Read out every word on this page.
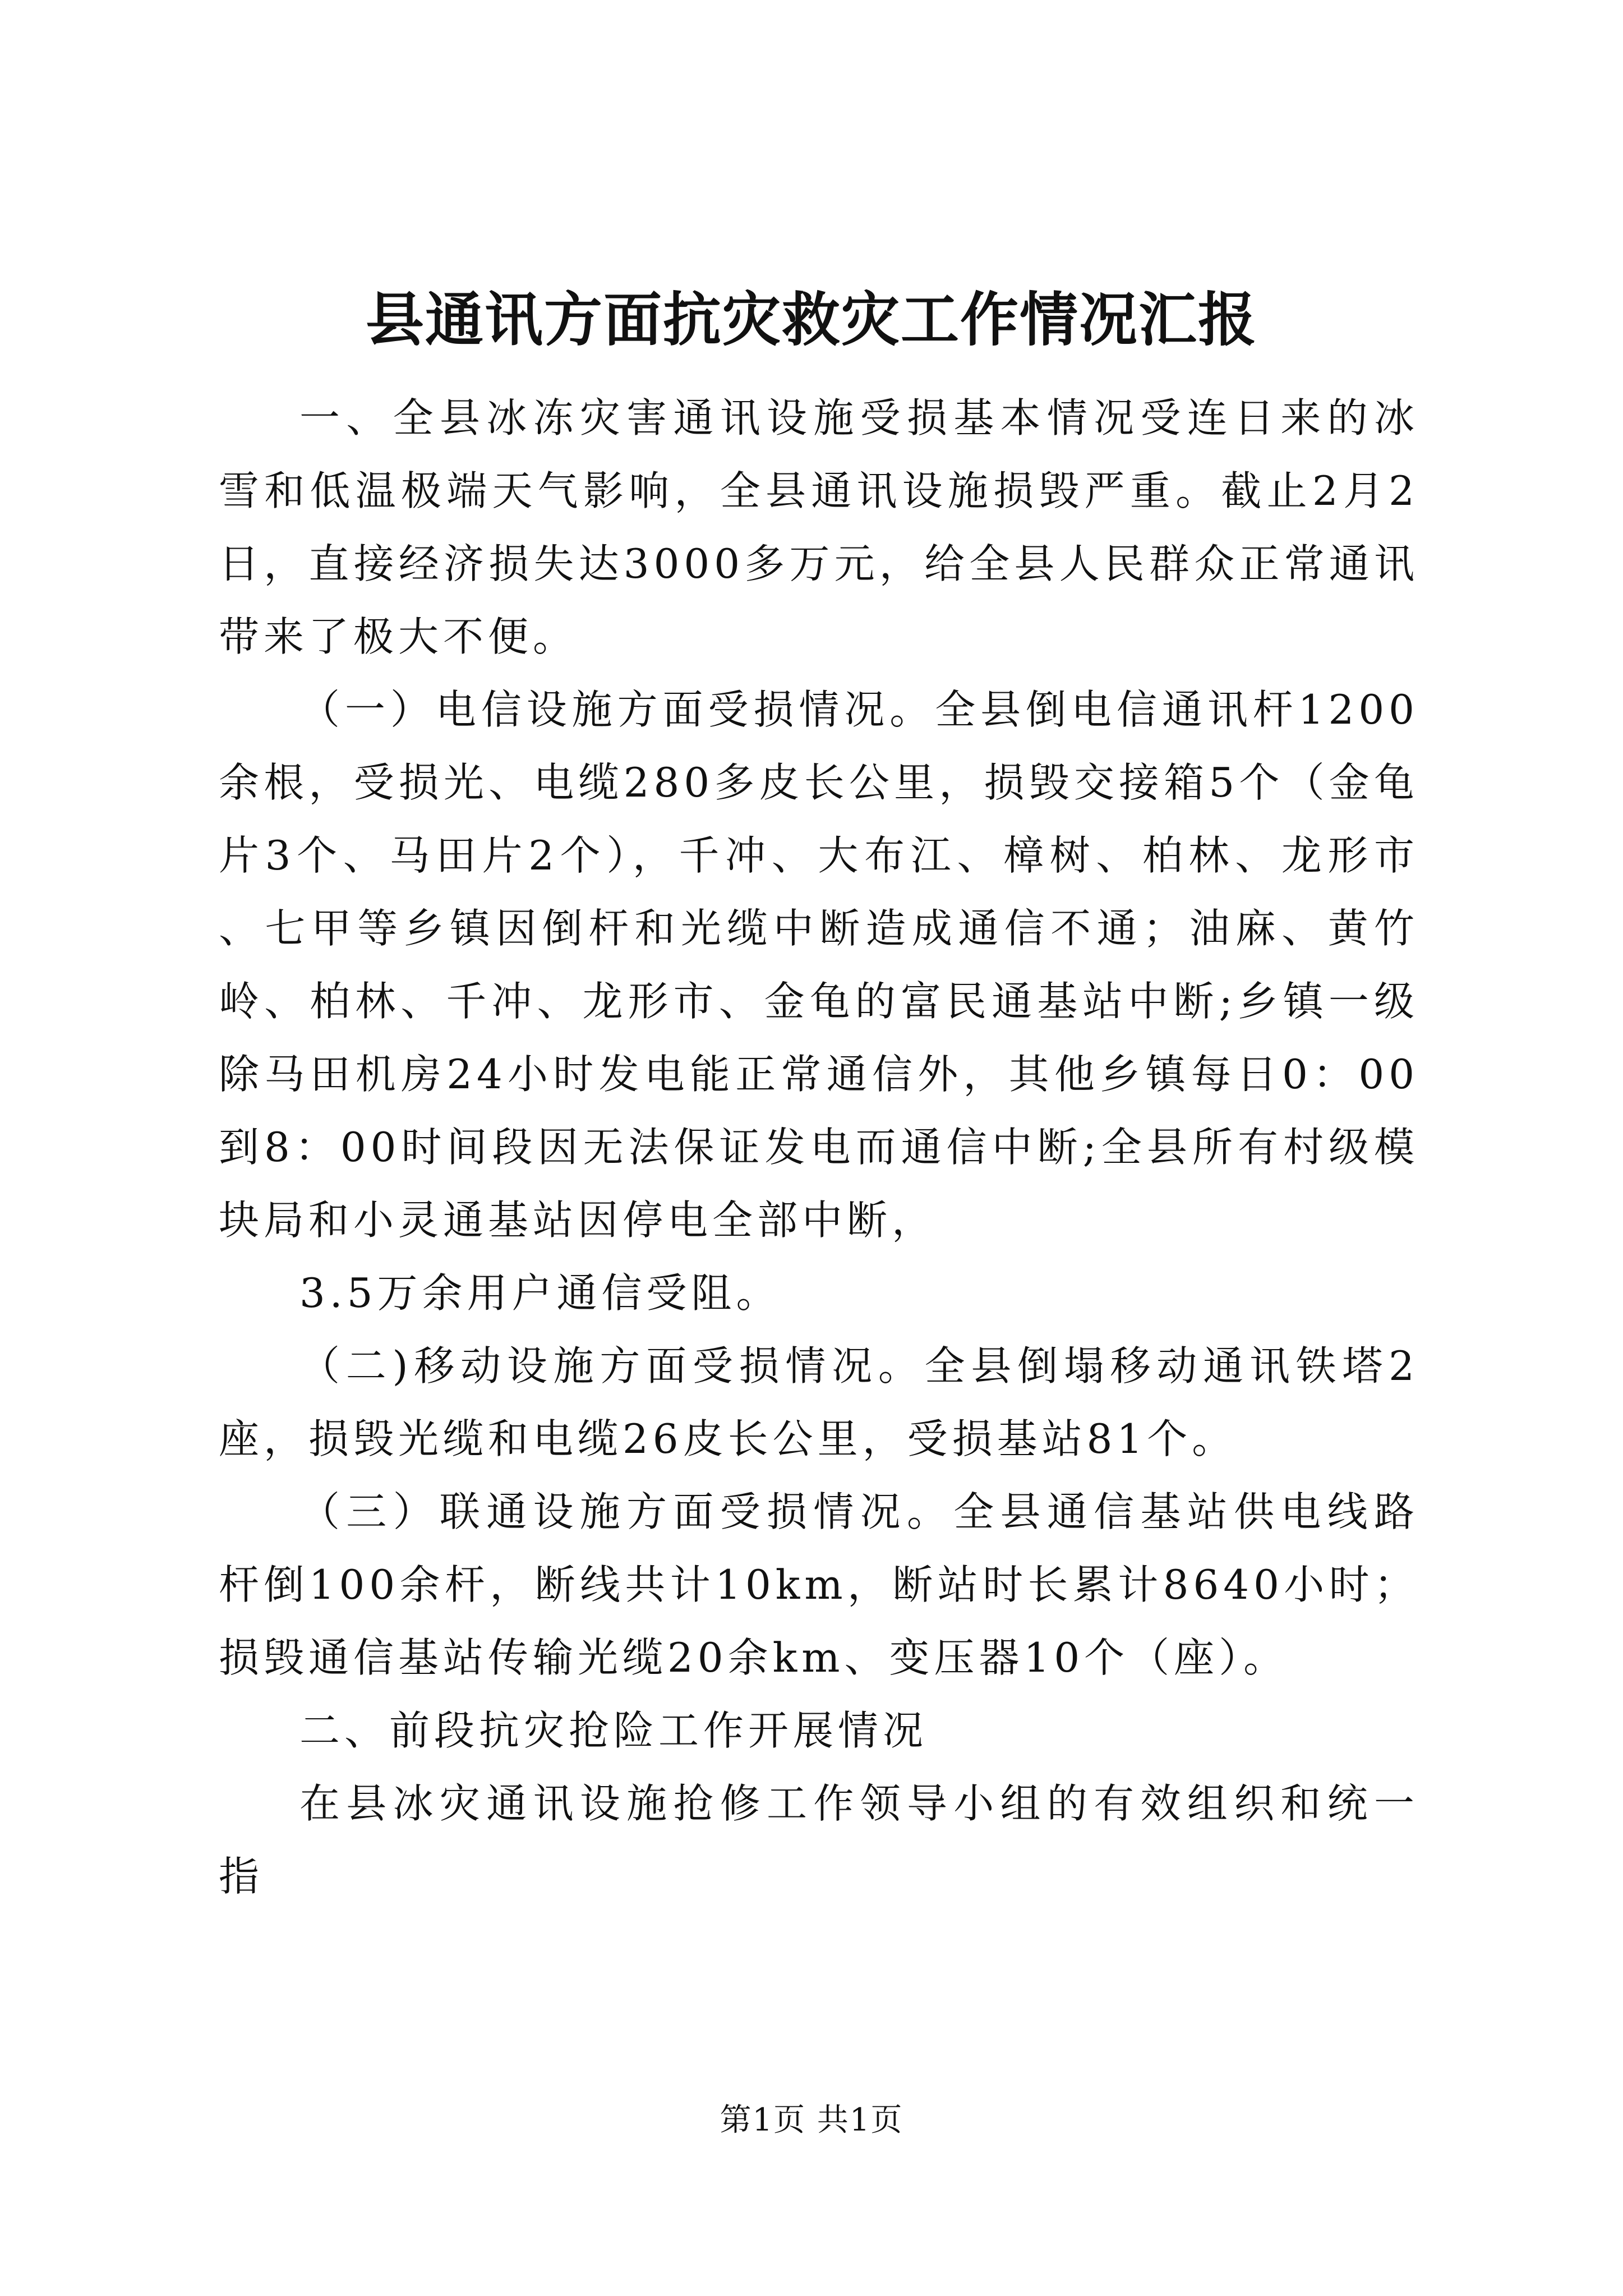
县通讯方面抗灾救灾工作情况汇报

一、全县冰冻灾害通讯设施受损基本情况受连日来的冰雪和低温极端天气影响，全县通讯设施损毁严重。截止2月2日，直接经济损失达3000多万元，给全县人民群众正常通讯带来了极大不便。

（一）电信设施方面受损情况。全县倒电信通讯杆1200余根，受损光、电缆280多皮长公里，损毁交接箱5个（金龟片3个、马田片2个），千冲、大布江、樟树、柏林、龙形市、七甲等乡镇因倒杆和光缆中断造成通信不通；油麻、黄竹岭、柏林、千冲、龙形市、金龟的富民通基站中断;乡镇一级除马田机房24小时发电能正常通信外，其他乡镇每日0：00到8：00时间段因无法保证发电而通信中断;全县所有村级模块局和小灵通基站因停电全部中断，

3.5万余用户通信受阻。

（二)移动设施方面受损情况。全县倒塌移动通讯铁塔2座，损毁光缆和电缆26皮长公里，受损基站81个。

（三）联通设施方面受损情况。全县通信基站供电线路杆倒100余杆，断线共计10km，断站时长累计8640小时；损毁通信基站传输光缆20余km、变压器10个（座）。

二、前段抗灾抢险工作开展情况

在县冰灾通讯设施抢修工作领导小组的有效组织和统一指

第1页 共1页
